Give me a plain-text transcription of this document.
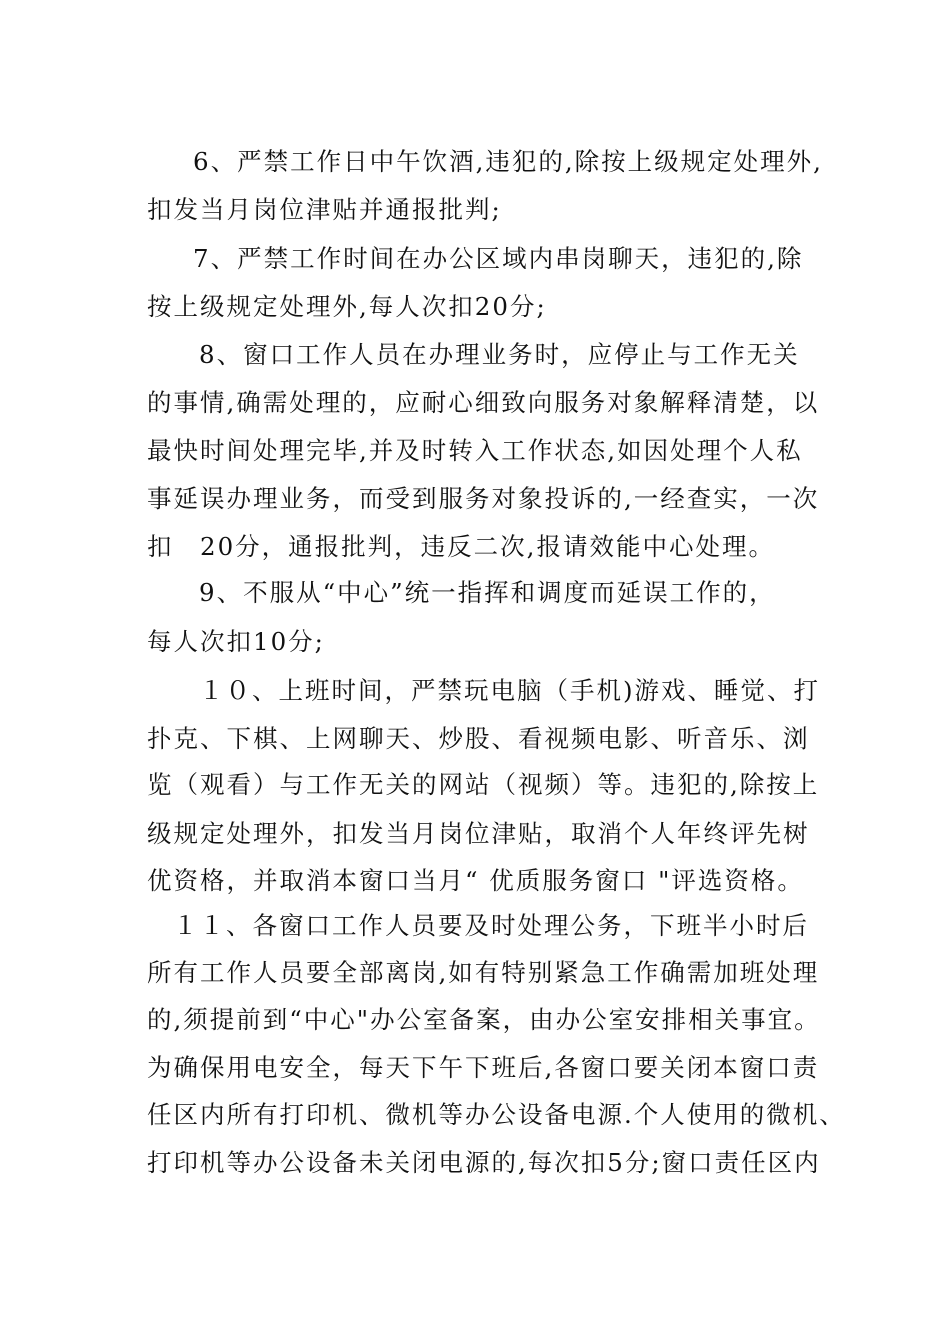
6、严禁工作日中午饮酒,违犯的,除按上级规定处理外,
扣发当月岗位津贴并通报批判;
7、严禁工作时间在办公区域内串岗聊天，违犯的,除
按上级规定处理外,每人次扣20分;
8、窗口工作人员在办理业务时，应停止与工作无关
的事情,确需处理的，应耐心细致向服务对象解释清楚，以
最快时间处理完毕,并及时转入工作状态,如因处理个人私
事延误办理业务，而受到服务对象投诉的,一经查实，一次
扣　20分，通报批判，违反二次,报请效能中心处理。
9、不服从“中心”统一指挥和调度而延误工作的，
每人次扣10分;
１０、上班时间，严禁玩电脑（手机)游戏、睡觉、打
扑克、下棋、上网聊天、炒股、看视频电影、听音乐、浏
览（观看）与工作无关的网站（视频）等。违犯的,除按上
级规定处理外，扣发当月岗位津贴，取消个人年终评先树
优资格，并取消本窗口当月“ 优质服务窗口 "评选资格。
１１、各窗口工作人员要及时处理公务，下班半小时后
所有工作人员要全部离岗,如有特别紧急工作确需加班处理
的,须提前到“中心"办公室备案，由办公室安排相关事宜。
为确保用电安全，每天下午下班后,各窗口要关闭本窗口责
任区内所有打印机、微机等办公设备电源.个人使用的微机、
打印机等办公设备未关闭电源的,每次扣5分;窗口责任区内
